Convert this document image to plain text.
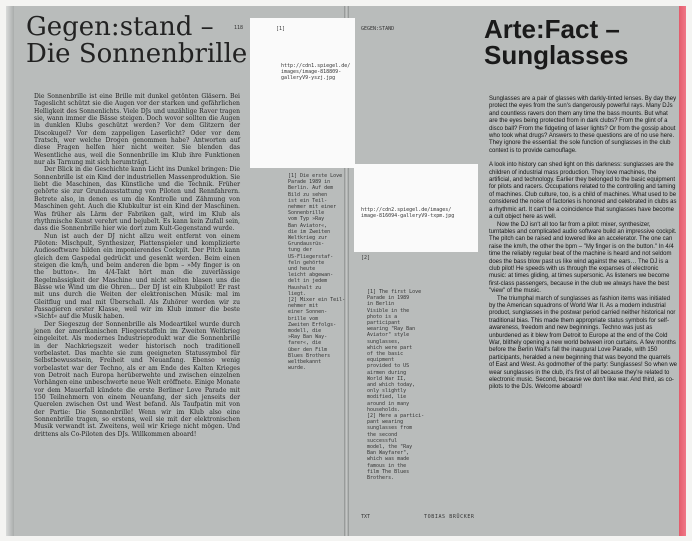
Gegen:stand –
Die Sonnenbrille
118

Die Sonnenbrille ist eine Brille mit dunkel getönten Gläsern. Bei Tageslicht schützt sie die Augen vor der starken und gefährlichen Helligkeit des Sonnenlichts. Viele DJs und unzählige Raver tragen sie, wann immer die Bässe steigen. Doch wovor sollten die Augen in dunklen Klubs geschützt werden? Vor dem Glitzern der Discokugel? Vor dem zappeligen Laserlicht? Oder vor dem Tratsch, wer welche Drogen genommen habe? Antworten auf diese Fragen helfen hier nicht weiter. Sie blenden das Wesentliche aus, weil die Sonnenbrille im Klub ihre Funktionen nur als Tarnung mit sich herumträgt.

Der Blick in die Geschichte kann Licht ins Dunkel bringen: Die Sonnenbrille ist ein Kind der industriellen Massenproduktion. Sie liebt die Maschinen, das Künstliche und die Technik. Früher gehörte sie zur Grundausstattung von Piloten und Rennfahrern. Betrete also, in denen es um die Kontrolle und Zähmung von Maschinen geht. Auch die Klubkultur ist ein Kind der Maschinen. Was früher als Lärm der Fabriken galt, wird im Klub als rhythmische Kunst verehrt und bejubelt. Es kann kein Zufall sein, dass die Sonnenbrille hier wie dort zum Kult-Gegenstand wurde.

Nun ist auch der DJ nicht allzu weit entfernt von einem Piloten: Mischpult, Synthesizer, Plattenspieler und komplizierte Audiosoftware bilden ein imponierendes Cockpit. Der Pitch kann gleich dem Gaspedal gedrückt und gesenkt werden. Beim einen steigen die km/h, und beim anderen die bpm – »My finger is on the button«. Im 4/4-Takt hört man die zuverlässige Regelmässigkeit der Maschine und nicht selten blasen uns die Bässe wie Wind um die Ohren… Der DJ ist ein Klubpilot! Er rast mit uns durch die Weiten der elektronischen Musik: mal im Gleitflug und mal mit Überschall. Als Zuhörer werden wir zu Passagieren erster Klasse, weil wir im Klub immer die beste »Sicht« auf die Musik haben.

Der Siegeszug der Sonnenbrille als Modeartikel wurde durch jenen der amerikanischen Fliegerstaffeln im Zweiten Weltkrieg eingeleitet. Als modernes Industrieprodukt war die Sonnenbrille in der Nachkriegszeit weder historisch noch traditionell vorbelastet. Das machte sie zum geeigneten Statussymbol für Selbstbewusstsein, Freiheit und Neuanfang. Ebenso wenig vorbelastet war der Techno, als er am Ende des Kalten Krieges von Detroit nach Europa herüberwehte und zwischen einzelnen Vorhängen eine unbeschwerte neue Welt eröffnete. Einige Monate vor dem Mauerfall kündete die erste Berliner Love Parade mit 150 Teilnehmern von einem Neuanfang, der sich jenseits der Querelen zwischen Ost und West befand. Als Taufpatin mit von der Partie: Die Sonnenbrille! Wenn wir im Klub also eine Sonnenbrille tragen, so erstens, weil sie mit der elektronischen Musik verwandt ist. Zweitens, weil wir Kriege nicht mögen. Und drittens als Co-Piloten des DJs. Willkommen aboard!

[1]
http://cdn1.spiegel.de/
images/image-818809-
galleryV9-yszj.jpg
[1] Die erste Love
Parade 1989 in
Berlin. Auf dem
Bild zu sehen
ist ein Teil-
nehmer mit einer
Sonnenbrille
vom Typ »Ray
Ban Aviator«,
die im Zweiten
Weltkrieg zur
Grundausrüs-
tung der
US-Fliegerstaf-
feln gehörte
und heute
leicht abgewan-
delt in jedem
Haushalt zu
liegt.
[2] Mixer ein Teil-
nehmer mit
einer Sonnen-
brille vom
Zweiten Erfolgs-
modell, die
»Ray Ban Way-
farer«, die
über den Film
Blues Brothers
weltbekannt
wurde.
GEGEN:STAND
http://cdn2.spiegel.de/images/
image-816094-galleryV9-txpm.jpg
[2]
[1] The first Love
Parade in 1989
in Berlin
Visible in the
photo is a
participant
wearing "Ray Ban
Aviator" style
sunglasses,
which were part
of the basic
equipment
provided to US
airmen during
World War II,
and which today,
only slightly
modified, lie
around in many
households.
[2] Here a partici-
pant wearing
sunglasses from
the second
successful
model, the "Ray
Ban Wayfarer",
which was made
famous in the
film The Blues
Brothers.
Arte:Fact –
Sunglasses

Sunglasses are a pair of glasses with darkly-tinted lenses. By day they protect the eyes from the sun's dangerously powerful rays. Many DJs and countless ravers don them any time the bass mounts. But what are the eyes being protected from in dark clubs? From the glint of a disco ball? From the fidgeting of laser lights? Or from the gossip about who took what drugs? Answers to these questions are of no use here. They ignore the essential: the sole function of sunglasses in the club context is to provide camouflage.

A look into history can shed light on this darkness: sunglasses are the children of industrial mass production. They love machines, the artificial, and technology. Earlier they belonged to the basic equipment for pilots and racers. Occupations related to the controlling and taming of machines. Club culture, too, is a child of machines. What used to be considered the noise of factories is honored and celebrated in clubs as a rhythmic art. It can't be a coincidence that sunglasses have become a cult object here as well.

Now the DJ isn't all too far from a pilot: mixer, synthesizer, turntables and complicated audio software build an impressive cockpit. The pitch can be raised and lowered like an accelerator. The one can raise the km/h, the other the bpm – "My finger is on the button." In 4/4 time the reliably regular beat of the machine is heard and not seldom does the bass blow past us like wind against the ears… The DJ is a club pilot! He speeds with us through the expanses of electronic music: at times gliding, at times supersonic. As listeners we become first-class passengers, because in the club we always have the best "view" of the music.

The triumphal march of sunglasses as fashion items was initiated by the American squadrons of World War II. As a modern industrial product, sunglasses in the postwar period carried neither historical nor traditional bias. This made them appropriate status symbols for self-awareness, freedom and new beginnings. Techno was just as unburdened as it blew from Detroit to Europe at the end of the Cold War, blithely opening a new world between iron curtains. A few months before the Berlin Wall's fall the inaugural Love Parade, with 150 participants, heralded a new beginning that was beyond the quarrels of East and West. As godmother of the party: Sunglasses! So when we wear sunglasses in the club, it's first of all because they're related to electronic music. Second, because we don't like war. And third, as co-pilots to the DJs. Welcome aboard!

TXT	TOBIAS BRÜCKER
